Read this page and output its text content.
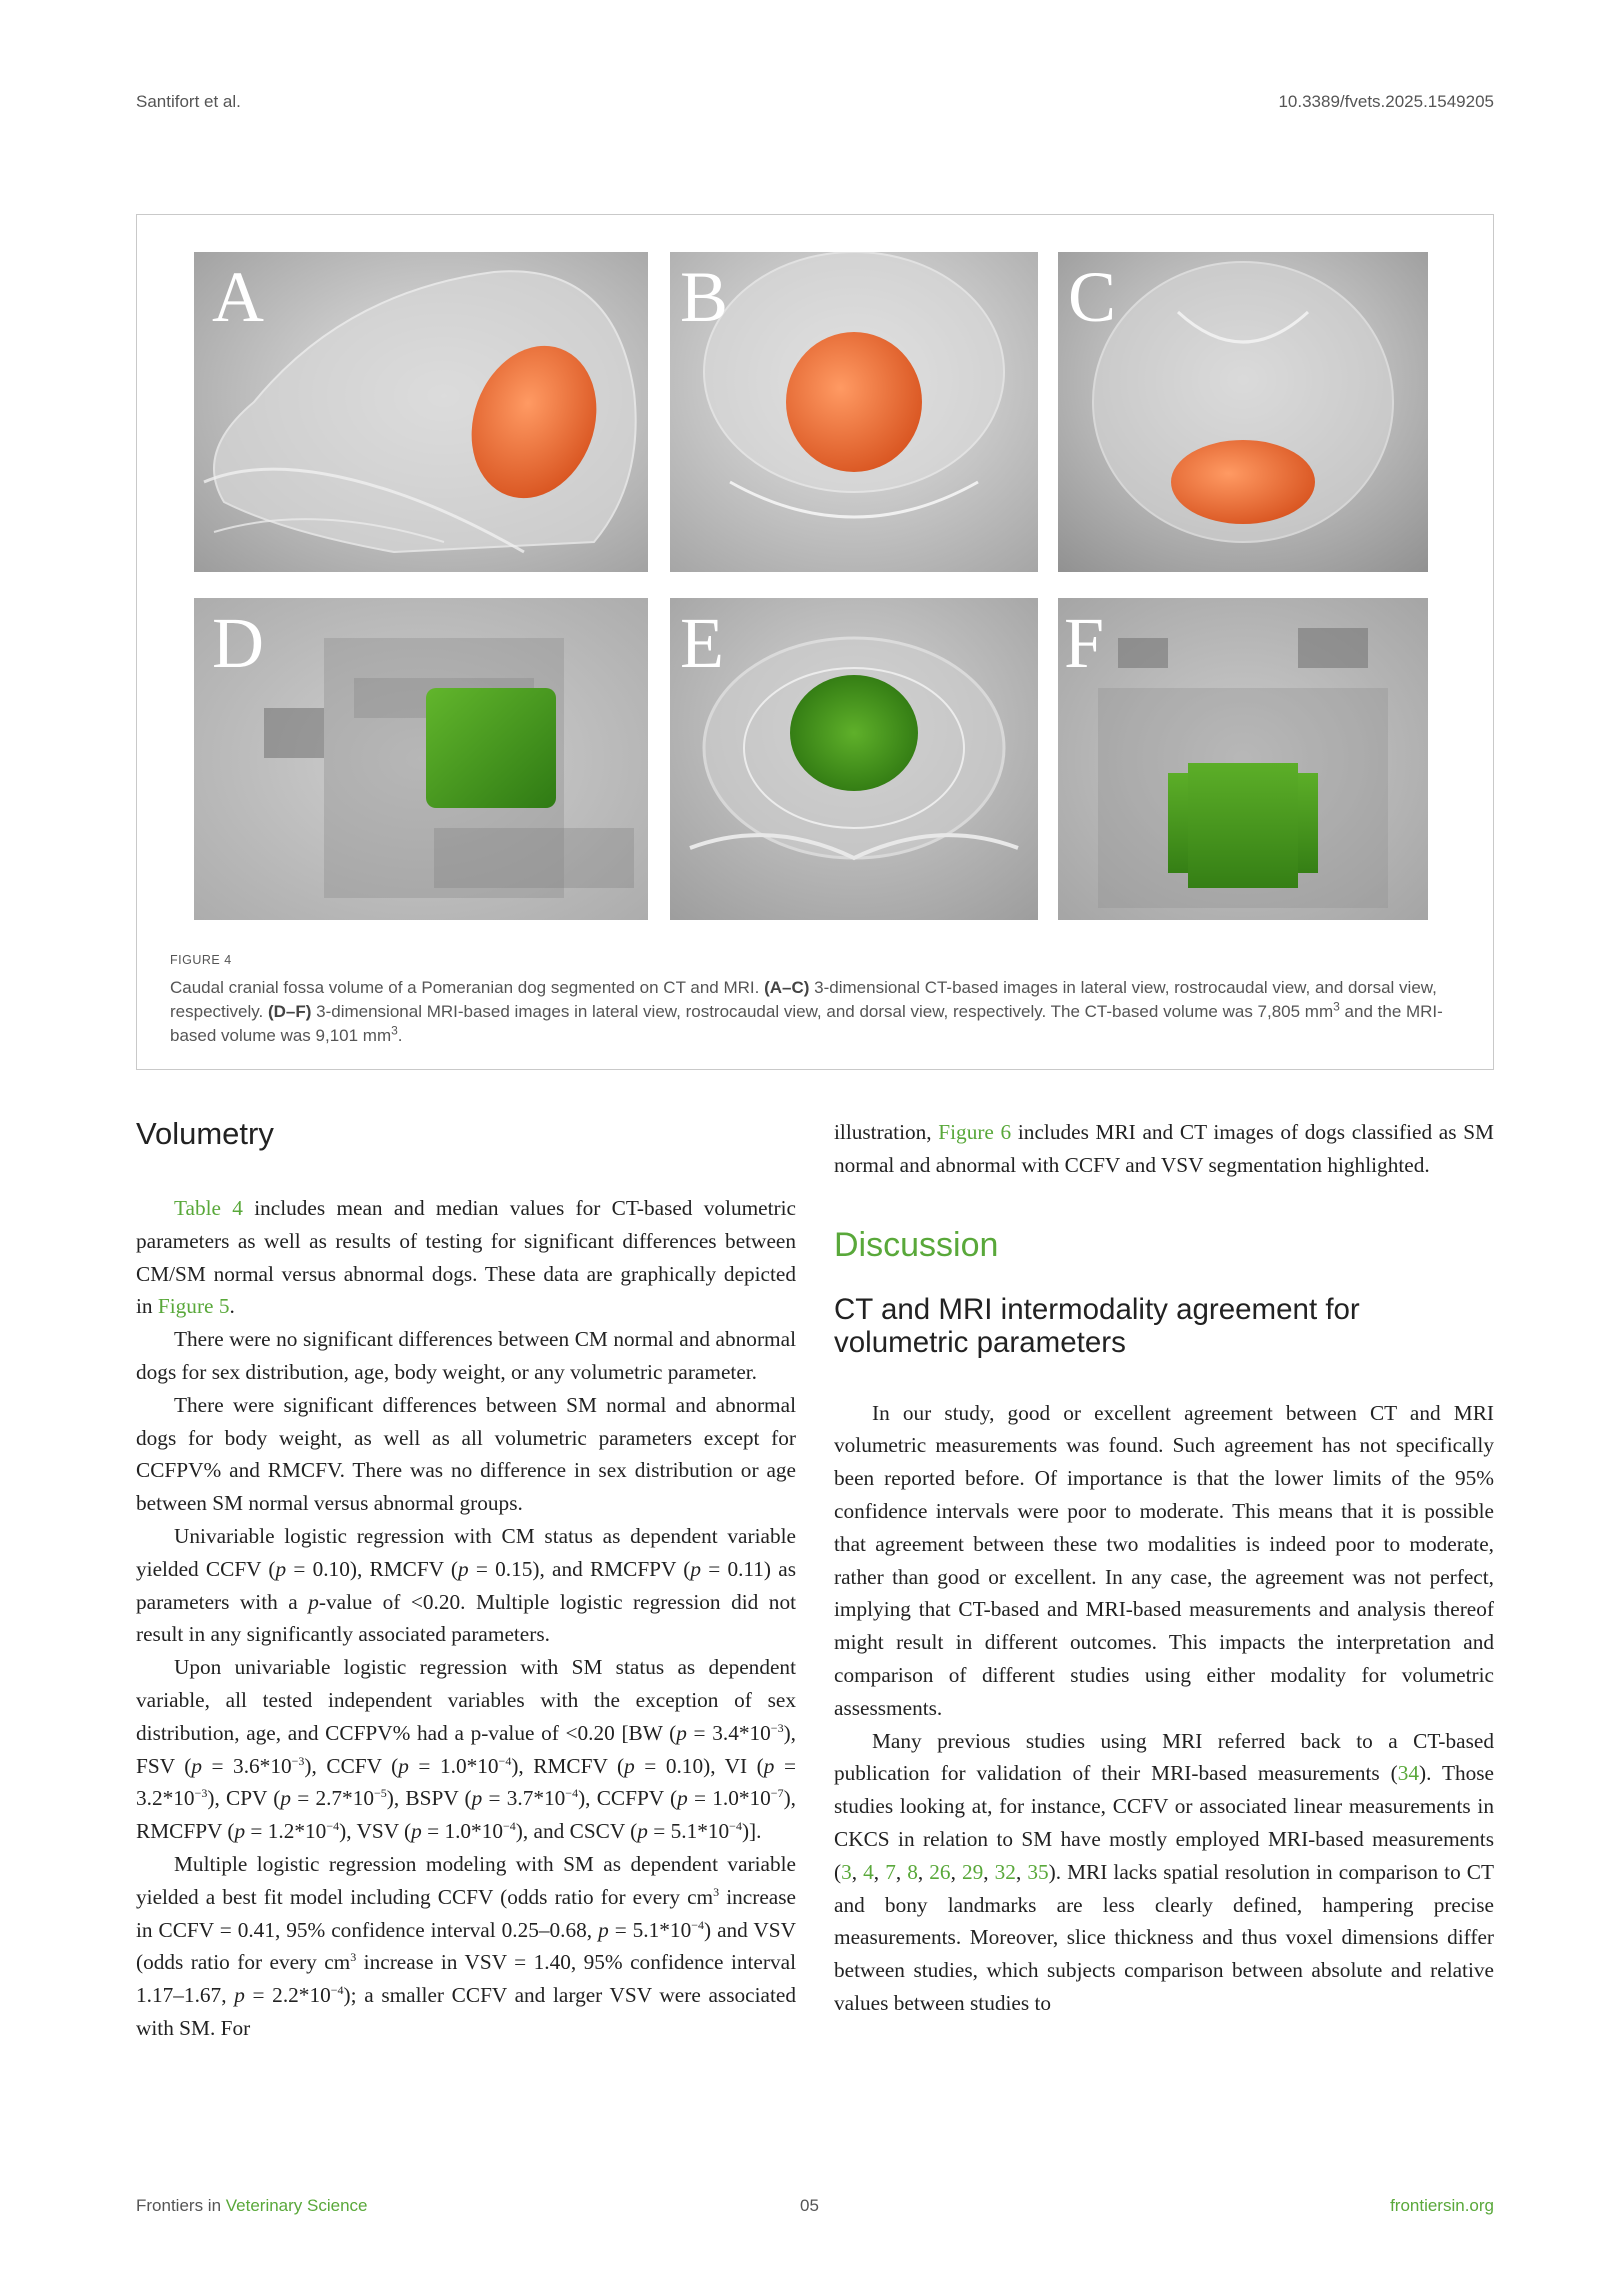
Santifort et al.	10.3389/fvets.2025.1549205
A	B	C
D	E	F
FIGURE 4
Caudal cranial fossa volume of a Pomeranian dog segmented on CT and MRI. (A–C) 3-dimensional CT-based images in lateral view, rostrocaudal view, and dorsal view, respectively. (D–F) 3-dimensional MRI-based images in lateral view, rostrocaudal view, and dorsal view, respectively. The CT-based volume was 7,805 $mm^3$ and the MRI-based volume was 9,101 $mm^3$.
Volumetry

Table 4 includes mean and median values for CT-based volumetric parameters as well as results of testing for significant differences between CM/SM normal versus abnormal dogs. These data are graphically depicted in Figure 5.

There were no significant differences between CM normal and abnormal dogs for sex distribution, age, body weight, or any volumetric parameter.

There were significant differences between SM normal and abnormal dogs for body weight, as well as all volumetric parameters except for CCFPV% and RMCFV. There was no difference in sex distribution or age between SM normal versus abnormal groups.

Univariable logistic regression with CM status as dependent variable yielded CCFV (p = 0.10), RMCFV (p = 0.15), and RMCFPV (p = 0.11) as parameters with a p-value of <0.20. Multiple logistic regression did not result in any significantly associated parameters.

Upon univariable logistic regression with SM status as dependent variable, all tested independent variables with the exception of sex distribution, age, and CCFPV% had a p-value of <0.20 [BW $(p = 3.4*10^{-3})$, FSV $(p = 3.6*10^{-3})$, CCFV $(p = 1.0*10^{-4})$, RMCFV (p = 0.10), VI $(p = 3.2*10^{-3})$, CPV $(p = 2.7*10^{-5})$, BSPV $(p = 3.7*10^{-4})$, CCFPV $(p = 1.0*10^{-7})$, RMCFPV $(p = 1.2*10^{-4})$, VSV $(p = 1.0*10^{-4})$, and CSCV $(p = 5.1*10^{-4})$].

Multiple logistic regression modeling with SM as dependent variable yielded a best fit model including CCFV (odds ratio for every $cm^3$ increase in CCFV = 0.41, 95% confidence interval 0.25–0.68, $p = 5.1*10^{-4}$) and VSV (odds ratio for every $cm^3$ increase in VSV = 1.40, 95% confidence interval 1.17–1.67, $p = 2.2*10^{-4}$); a smaller CCFV and larger VSV were associated with SM. For

illustration, Figure 6 includes MRI and CT images of dogs classified as SM normal and abnormal with CCFV and VSV segmentation highlighted.

Discussion
CT and MRI intermodality agreement for volumetric parameters

In our study, good or excellent agreement between CT and MRI volumetric measurements was found. Such agreement has not specifically been reported before. Of importance is that the lower limits of the 95% confidence intervals were poor to moderate. This means that it is possible that agreement between these two modalities is indeed poor to moderate, rather than good or excellent. In any case, the agreement was not perfect, implying that CT-based and MRI-based measurements and analysis thereof might result in different outcomes. This impacts the interpretation and comparison of different studies using either modality for volumetric assessments.

Many previous studies using MRI referred back to a CT-based publication for validation of their MRI-based measurements (34). Those studies looking at, for instance, CCFV or associated linear measurements in CKCS in relation to SM have mostly employed MRI-based measurements (3, 4, 7, 8, 26, 29, 32, 35). MRI lacks spatial resolution in comparison to CT and bony landmarks are less clearly defined, hampering precise measurements. Moreover, slice thickness and thus voxel dimensions differ between studies, which subjects comparison between absolute and relative values between studies to

Frontiers in Veterinary Science	05	frontiersin.org
